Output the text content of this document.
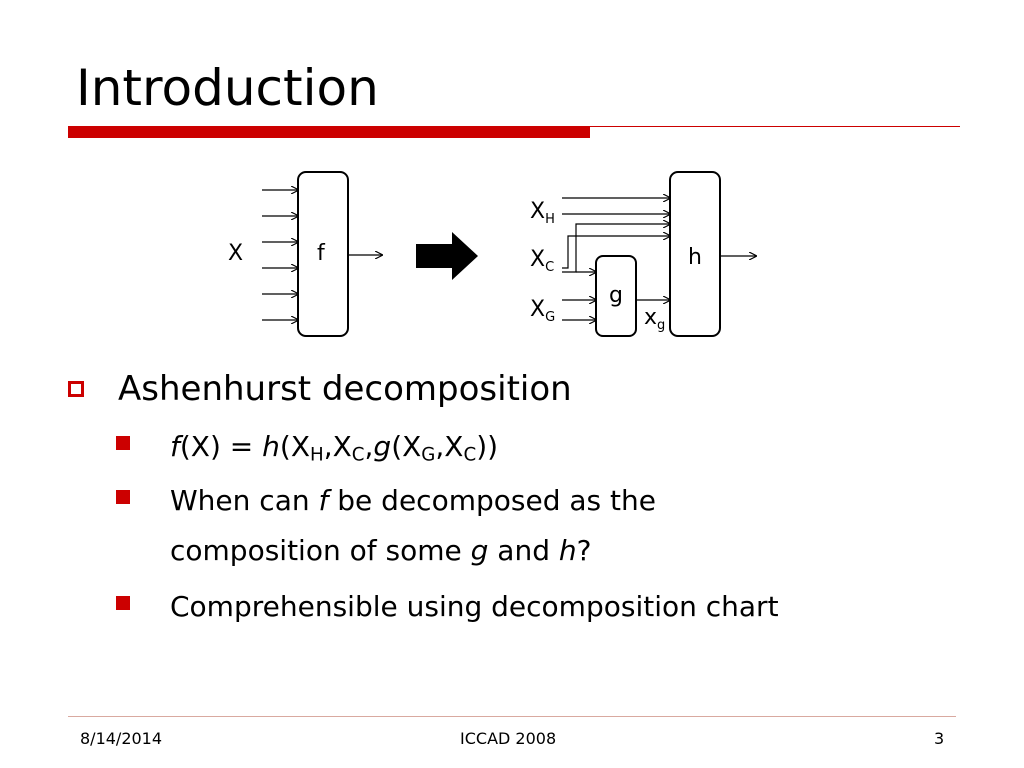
Introduction
X	f
$X_H$
$X_C$
$X_G$
g
h
$x_g$
Ashenhurst decomposition
$f(X) = h(X_H,X_C,g(X_G,X_C))$
When can f be decomposed as the
composition of some g and h?
Comprehensible using decomposition chart
8/14/2014	ICCAD 2008	3
